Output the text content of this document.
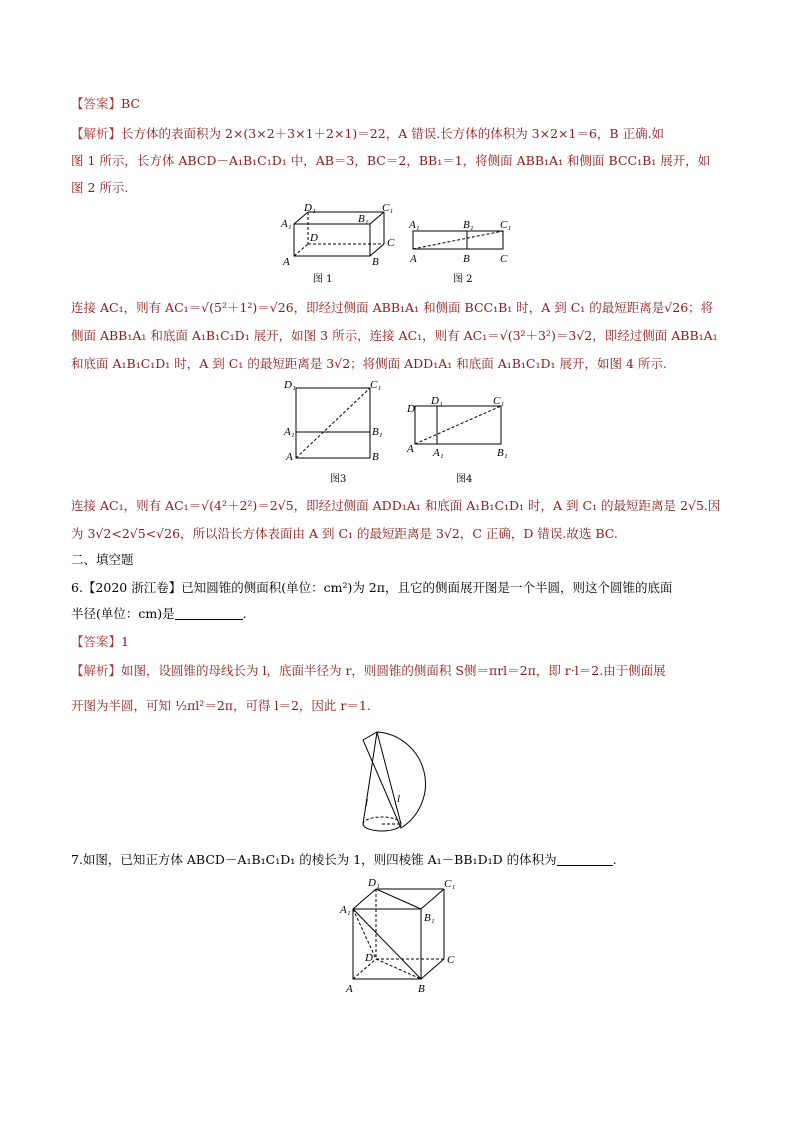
【答案】BC
【解析】长方体的表面积为 2×(3×2＋3×1＋2×1)＝22，A 错误.长方体的体积为 3×2×1＝6，B 正确.如
图 1 所示，长方体 ABCD－A₁B₁C₁D₁ 中，AB＝3，BC＝2，BB₁＝1，将侧面 ABB₁A₁ 和侧面 BCC₁B₁ 展开，如
图 2 所示.
D₁	C₁
A₁	B₁
D	C
A	B
图 1
A₁	B₁ C₁
A	B	C
图 2
连接 AC₁，则有 AC₁＝√(5²＋1²)＝√26，即经过侧面 ABB₁A₁ 和侧面 BCC₁B₁ 时，A 到 C₁ 的最短距离是√26；将
侧面 ABB₁A₁ 和底面 A₁B₁C₁D₁ 展开，如图 3 所示，连接 AC₁，则有 AC₁＝√(3²＋3²)＝3√2，即经过侧面 ABB₁A₁
和底面 A₁B₁C₁D₁ 时，A 到 C₁ 的最短距离是 3√2；将侧面 ADD₁A₁ 和底面 A₁B₁C₁D₁ 展开，如图 4 所示.
D₁	C₁
A₁	B₁
A	B
图3
D
D₁	C₁
A A₁	B₁
图4
连接 AC₁，则有 AC₁＝√(4²＋2²)＝2√5，即经过侧面 ADD₁A₁ 和底面 A₁B₁C₁D₁ 时，A 到 C₁ 的最短距离是 2√5.因
为 3√2<2√5<√26，所以沿长方体表面由 A 到 C₁ 的最短距离是 3√2，C 正确，D 错误.故选 BC.
二、填空题
6.【2020 浙江卷】已知圆锥的侧面积(单位：cm²)为 2π，且它的侧面展开图是一个半圆，则这个圆锥的底面
半径(单位：cm)是	.
【答案】1
【解析】如图，设圆锥的母线长为 l，底面半径为 r，则圆锥的侧面积 S侧＝πrl＝2π，即 r·l＝2.由于侧面展
开图为半圆，可知 ½πl²＝2π，可得 l＝2，因此 r＝1.
l	l
7.如图，已知正方体 ABCD－A₁B₁C₁D₁ 的棱长为 1，则四棱锥 A₁－BB₁D₁D 的体积为	.
D₁	C₁
A₁
B₁
D	C
A	B
